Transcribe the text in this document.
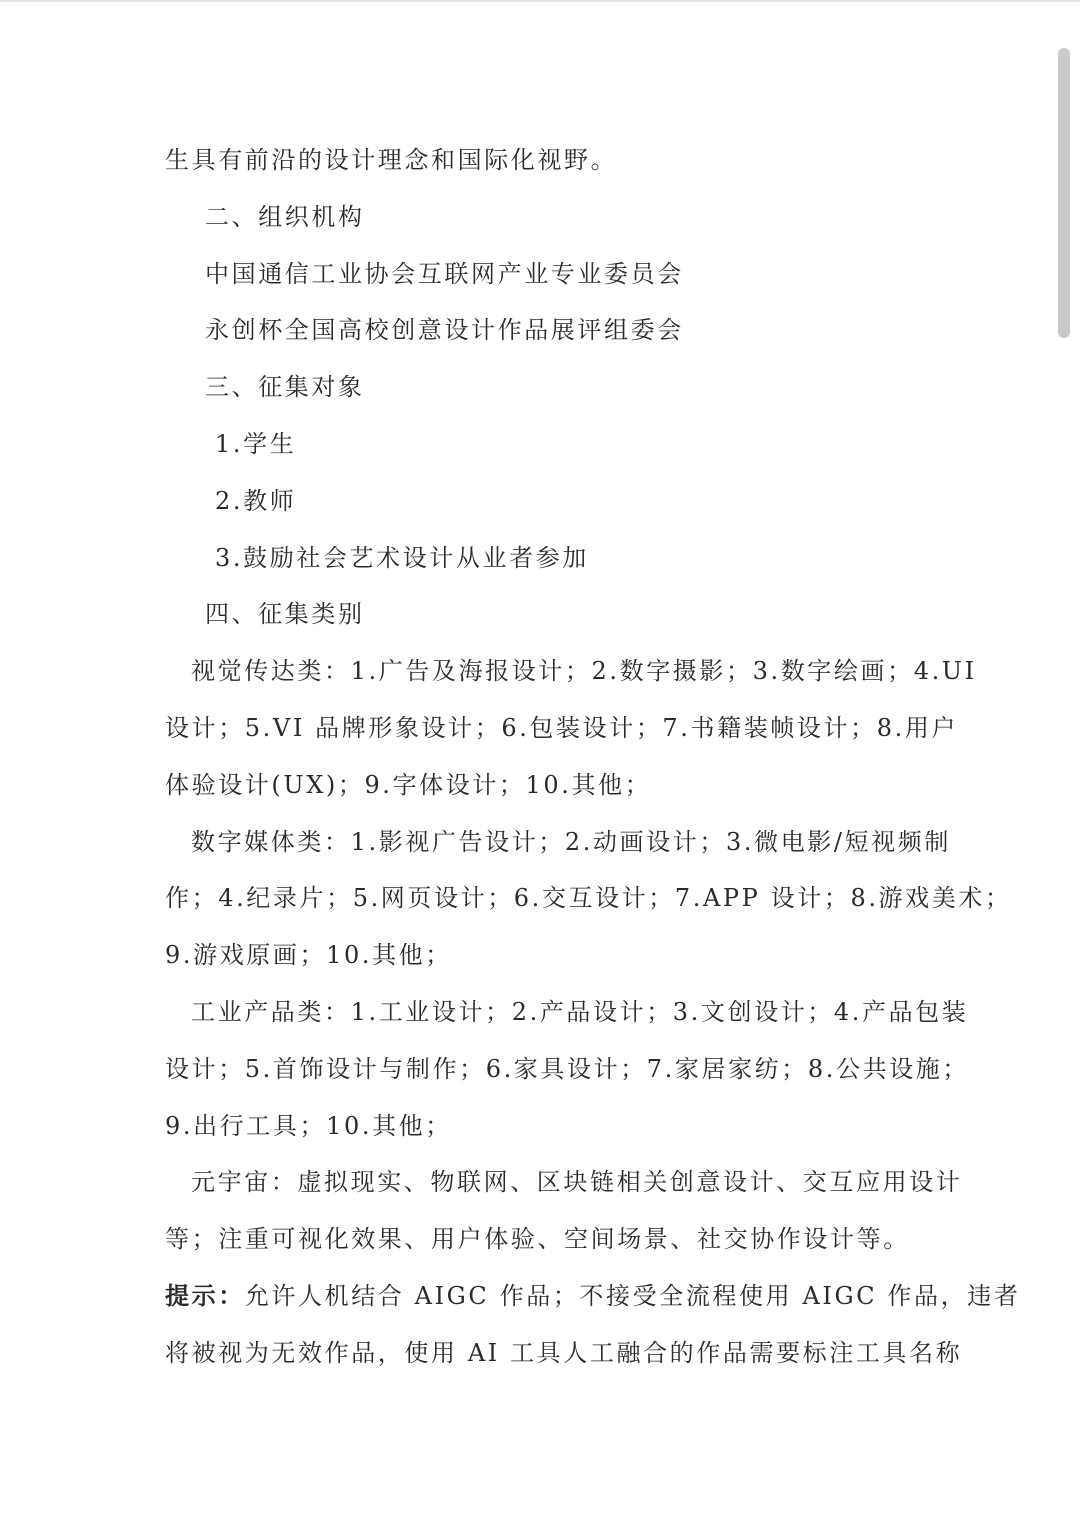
生具有前沿的设计理念和国际化视野。
二、组织机构
中国通信工业协会互联网产业专业委员会
永创杯全国高校创意设计作品展评组委会
三、征集对象
1.学生
2.教师
3.鼓励社会艺术设计从业者参加
四、征集类别
视觉传达类：1.广告及海报设计；2.数字摄影；3.数字绘画；4.UI
设计；5.VI 品牌形象设计；6.包装设计；7.书籍装帧设计；8.用户
体验设计(UX)；9.字体设计；10.其他；
数字媒体类：1.影视广告设计；2.动画设计；3.微电影/短视频制
作；4.纪录片；5.网页设计；6.交互设计；7.APP 设计；8.游戏美术；
9.游戏原画；10.其他；
工业产品类：1.工业设计；2.产品设计；3.文创设计；4.产品包装
设计；5.首饰设计与制作；6.家具设计；7.家居家纺；8.公共设施；
9.出行工具；10.其他；
元宇宙：虚拟现实、物联网、区块链相关创意设计、交互应用设计
等；注重可视化效果、用户体验、空间场景、社交协作设计等。
提示：允许人机结合 AIGC 作品；不接受全流程使用 AIGC 作品，违者
将被视为无效作品，使用 AI 工具人工融合的作品需要标注工具名称
